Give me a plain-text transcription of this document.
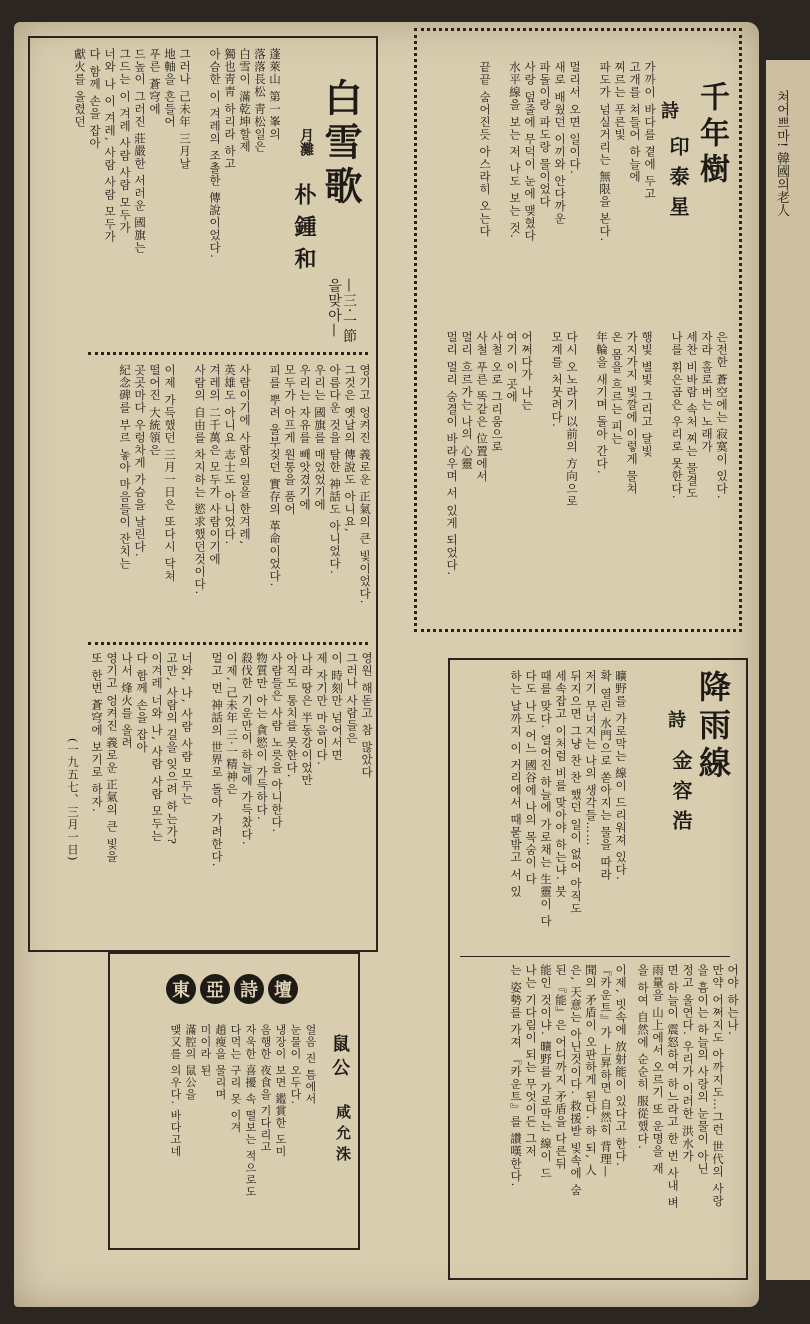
쳐어쁘마! 韓國의老人
白雪歌
—三·一節을맞아—
月灘
朴鍾和
蓬萊山 第一峯의
落落長松 靑松일은
白雪이 滿乾坤할제
獨也靑靑 하리라 하고
아슴한 이 겨레의 조촐한 傳說이었다.

그러나 己未年 三月날
地軸을 흔들어
푸른 蒼穹에
드높이 그러진 莊嚴한 서러운 國旗는
그드는 이 겨레 사람 사람 모두가
너와 나 이 겨레, 사람 사람 모두가
다 함께 손을 잡아
獻火를 올렸던
영기고 엉켜진 義로운 正氣의 큰 빛이었다.
그것은 옛날의 傳說도 아니요,
아름다운 것을 탐한 神話도 아니었다.
우리는 國旗를 매었었기에
우리는 자유를 빼앗겼기에
모두가 아프게 원통을 품어
피를 뿌려 울부짖던 實存의 革命이었다.

사람이기에 사람의 일을 한겨레,
英雄도 아니요 志士도 아니었다.
겨레의 二千萬은 모두가 사람이기에
사람의 自由를 차지하는 慾求했던것이다.

이제 가득했던 三月一日은 또다시 닥쳐
떨어진 大統領은
곳곳마다 우렁차게 가슴을 날린다.
紀念碑를 부르 놓아 마음들이 잔치는
영원 해돋고 참 많았다
그러나 사람들은
이 時刻만 넘어서면
제 자기만 마음이다.
나라 땅은 半동강이었만
아직도 통치를 못한다.
사람들은 사람 노릇을 아니한다.
物質만 아는 貪慾이 가득하다.
殺伐한 기운만이 하늘에 가득찼다.
이제, 己未年 三·一精神은
멀고 먼 神話의 世界로 돌아 가려한다.

너와, 나, 사람 사람 모두는
고만, 사람의 길을 잊으려 하는가?
이겨레 너와 나, 사람 사람 모두는
다 함께 손을 잡아
나서 烽火를 올려
영기고 엉켜진 義로운 正氣의 큰 빛을
또 한번 蒼穹에 보기로 하자.
(一九五七、三月一日)
千年樹
詩
印泰星
가까이 바다를 곁에 두고
고개를 쳐들어 하늘에
찌르는 푸른빛
파도가 넘실거리는 無限을 본다.

멀리서 오면 일이다.
새로 배웠던 이끼와 안다까운
파돌이랑 파도랑 물이었다
사랑 덮줄에 무덕이 눈에 맺혔다
水平線을 보는 저 나도 보는 것.

끝끝 숨어진듯 아스라히 오는다
은전한 蒼空에는 寂寞이 있다.
자라 홀로버는 노래가
세찬 비바람 속처 찌는 물결도
나를 휘은곱은 우리로 못한다.

행빛 별빛 그리고 달빛
가지가지 빛깔에 이렇게 물쳐
온 몸을 흐르는 피는
年輪을 새기며 돌아 간다.

다시 오노라기 以前의 方向으로
모계를 처뭇려다.

어쩌다가 나는
여기 이 곳에
사철 오로 그리움으로
사철 푸른 똑같은 位置에서
멀리 흐르가는 나의 心靈
멀리 멀리 숨결이 바라우며 서 있게 되었다.
降雨線
詩
金容浩
曠野를 가로막는 線이 드리워져 있다.
확 열린 水門으로 쏟아지는 물을 따라
저기 무너지는 나의 생각들……
뒤지으면 그냥 찬 찬 했던 일이 없어 아직도
세속잡고 이처럼 비를 맞아야 하는냐. 붓
때를 맞다. 열어진 하늘에 가로채는 生靈이 다
다도 나도 어느 國谷에 나의 목숨이 다
하는 날까지 이 거리에서 때묻밖고 서 있
이제, 빗속에 放射能이 있다고 한다.
『카운트』가 上昇하면 自然히 背理—
聞의 矛盾이 오판하게 된다. 하 되, 人
은, 天意는 아닌것이다. 救援받 빛속에 숨
된 『能』은 어디까지 矛盾을 다른뒤
能인 것이냐. 曠野를 가로막는 線이 드
나는 기다림이 되는 무엇이든 그저
는 姿勢를 가져 『카운트』를 讚嘆한다.
어야 하는나.
만약 어쩌지도 아까지도…그런 世代의 사랑
을 흠이는 하늘의 사랑의 눈물이 아닌
정고 울연다. 우리가 이러한 洪水가
면 하늘이 震怒하여 하느라고 한 번 사내 벼
雨量을 山上에서 오르기 또 운명을 재
을 하여 自然에 순순히 服從했다.
東 亞 詩 壇
鼠公
咸允洙
얼음 진 틈에서
눈물이 오두다.
냉장이 보면 鑑賞한 도미
음행한 夜食을 기다리고
자욱한 喜擾 속 떨보는 적으로도
다먹는 구리 못 이겨
趙瘦을 물리며
미이라 된
滿腔의 鼠公을
맺又를 의우다. 바다고네
